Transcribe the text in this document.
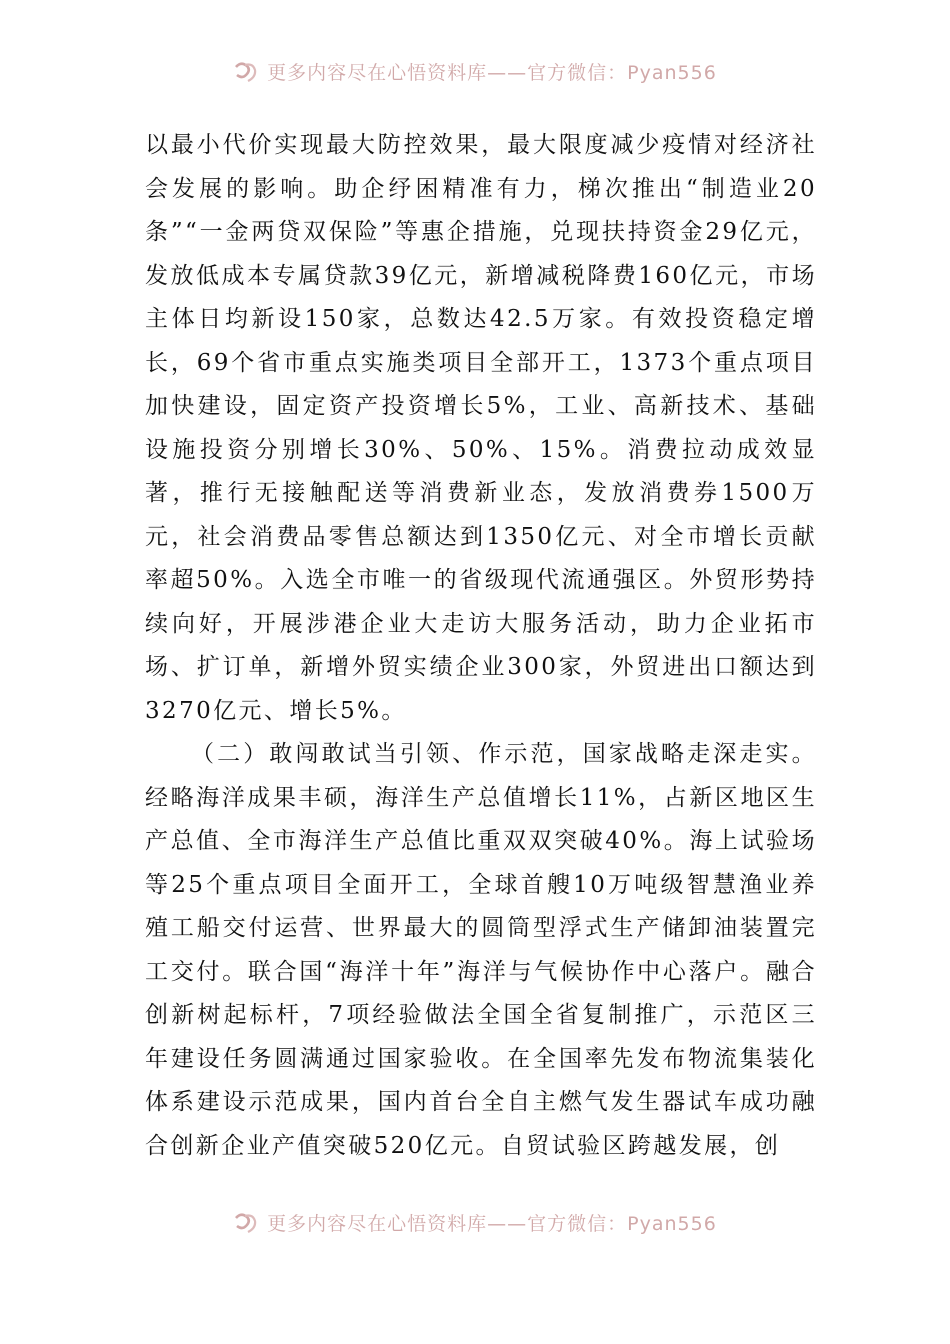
更多内容尽在心悟资料库——官方微信：Pyan556

以最小代价实现最大防控效果，最大限度减少疫情对经济社会发展的影响。助企纾困精准有力，梯次推出“制造业20条”“一金两贷双保险”等惠企措施，兑现扶持资金29亿元，发放低成本专属贷款39亿元，新增减税降费160亿元，市场主体日均新设150家，总数达42.5万家。有效投资稳定增长，69个省市重点实施类项目全部开工，1373个重点项目加快建设，固定资产投资增长5%，工业、高新技术、基础设施投资分别增长30%、50%、15%。消费拉动成效显著，推行无接触配送等消费新业态，发放消费券1500万元，社会消费品零售总额达到1350亿元、对全市增长贡献率超50%。入选全市唯一的省级现代流通强区。外贸形势持续向好，开展涉港企业大走访大服务活动，助力企业拓市场、扩订单，新增外贸实绩企业300家，外贸进出口额达到3270亿元、增长5%。

（二）敢闯敢试当引领、作示范，国家战略走深走实。经略海洋成果丰硕，海洋生产总值增长11%，占新区地区生产总值、全市海洋生产总值比重双双突破40%。海上试验场等25个重点项目全面开工，全球首艘10万吨级智慧渔业养殖工船交付运营、世界最大的圆筒型浮式生产储卸油装置完工交付。联合国“海洋十年”海洋与气候协作中心落户。融合创新树起标杆，7项经验做法全国全省复制推广，示范区三年建设任务圆满通过国家验收。在全国率先发布物流集装化体系建设示范成果，国内首台全自主燃气发生器试车成功融合创新企业产值突破520亿元。自贸试验区跨越发展，创

更多内容尽在心悟资料库——官方微信：Pyan556
